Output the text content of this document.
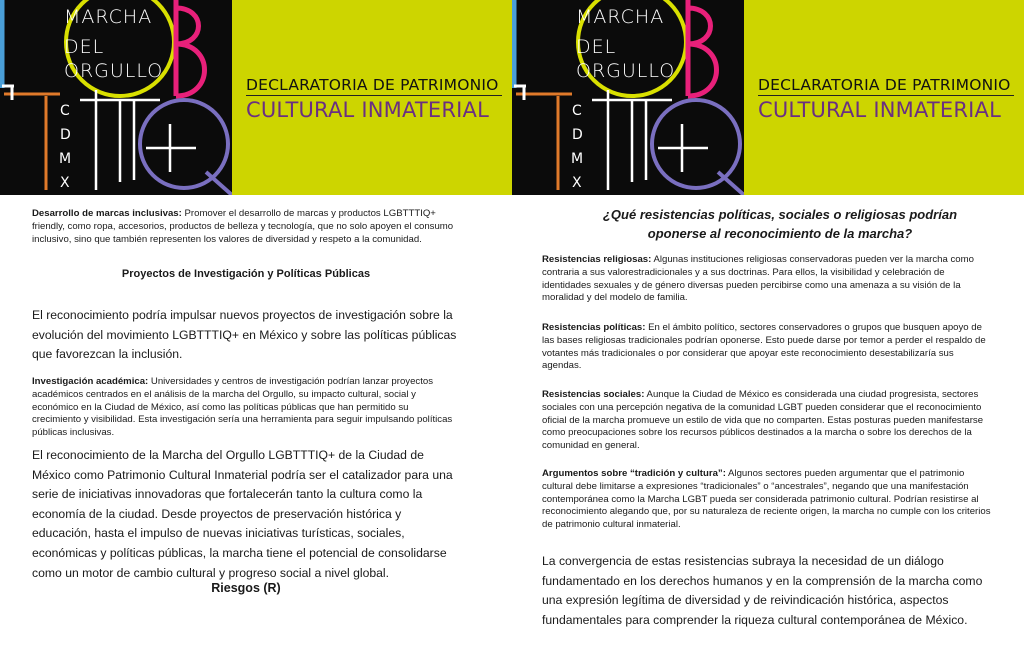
MARCHA
DEL
ORGULLO
C
D
M
X
DECLARATORIA DE PATRIMONIO
CULTURAL INMATERIAL

Desarrollo de marcas inclusivas: Promover el desarrollo de marcas y productos LGBTTTIQ+ friendly, como ropa, accesorios, productos de belleza y tecnología, que no solo apoyen el consumo inclusivo, sino que también representen los valores de diversidad y respeto a la comunidad.

Proyectos de Investigación y Políticas Públicas

El reconocimiento podría impulsar nuevos proyectos de investigación sobre la evolución del movimiento LGBTTTIQ+ en México y sobre las políticas públicas que favorezcan la inclusión.

Investigación académica: Universidades y centros de investigación podrían lanzar proyectos académicos centrados en el análisis de la marcha del Orgullo, su impacto cultural, social y económico en la Ciudad de México, así como las políticas públicas que han permitido su crecimiento y visibilidad. Esta investigación sería una herramienta para seguir impulsando políticas públicas inclusivas.

El reconocimiento de la Marcha del Orgullo LGBTTTIQ+ de la Ciudad de México como Patrimonio Cultural Inmaterial podría ser el catalizador para una serie de iniciativas innovadoras que fortalecerán tanto la cultura como la economía de la ciudad. Desde proyectos de preservación histórica y educación, hasta el impulso de nuevas iniciativas turísticas, sociales, económicas y políticas públicas, la marcha tiene el potencial de consolidarse como un motor de cambio cultural y progreso social a nivel global.

Riesgos (R)
MARCHA
DEL
ORGULLO
C
D
M
X
DECLARATORIA DE PATRIMONIO
CULTURAL INMATERIAL
¿Qué resistencias políticas, sociales o religiosas podrían oponerse al reconocimiento de la marcha?

Resistencias religiosas: Algunas instituciones religiosas conservadoras pueden ver la marcha como contraria a sus valorestradicionales y a sus doctrinas. Para ellos, la visibilidad y celebración de identidades sexuales y de género diversas pueden percibirse como una amenaza a su visión de la moralidad y del modelo de familia.

Resistencias políticas: En el ámbito político, sectores conservadores o grupos que busquen apoyo de las bases religiosas tradicionales podrían oponerse. Esto puede darse por temor a perder el respaldo de votantes más tradicionales o por considerar que apoyar este reconocimiento desestabilizaría sus agendas.

Resistencias sociales: Aunque la Ciudad de México es considerada una ciudad progresista, sectores sociales con una percepción negativa de la comunidad LGBT pueden considerar que el reconocimiento oficial de la marcha promueve un estilo de vida que no comparten. Estas posturas pueden manifestarse como preocupaciones sobre los recursos públicos destinados a la marcha o sobre los derechos de la comunidad en general.

Argumentos sobre “tradición y cultura”: Algunos sectores pueden argumentar que el patrimonio cultural debe limitarse a expresiones “tradicionales” o “ancestrales”, negando que una manifestación contemporánea como la Marcha LGBT pueda ser considerada patrimonio cultural. Podrían resistirse al reconocimiento alegando que, por su naturaleza de reciente origen, la marcha no cumple con los criterios de patrimonio cultural inmaterial.

La convergencia de estas resistencias subraya la necesidad de un diálogo fundamentado en los derechos humanos y en la comprensión de la marcha como una expresión legítima de diversidad y de reivindicación histórica, aspectos fundamentales para comprender la riqueza cultural contemporánea de México.
